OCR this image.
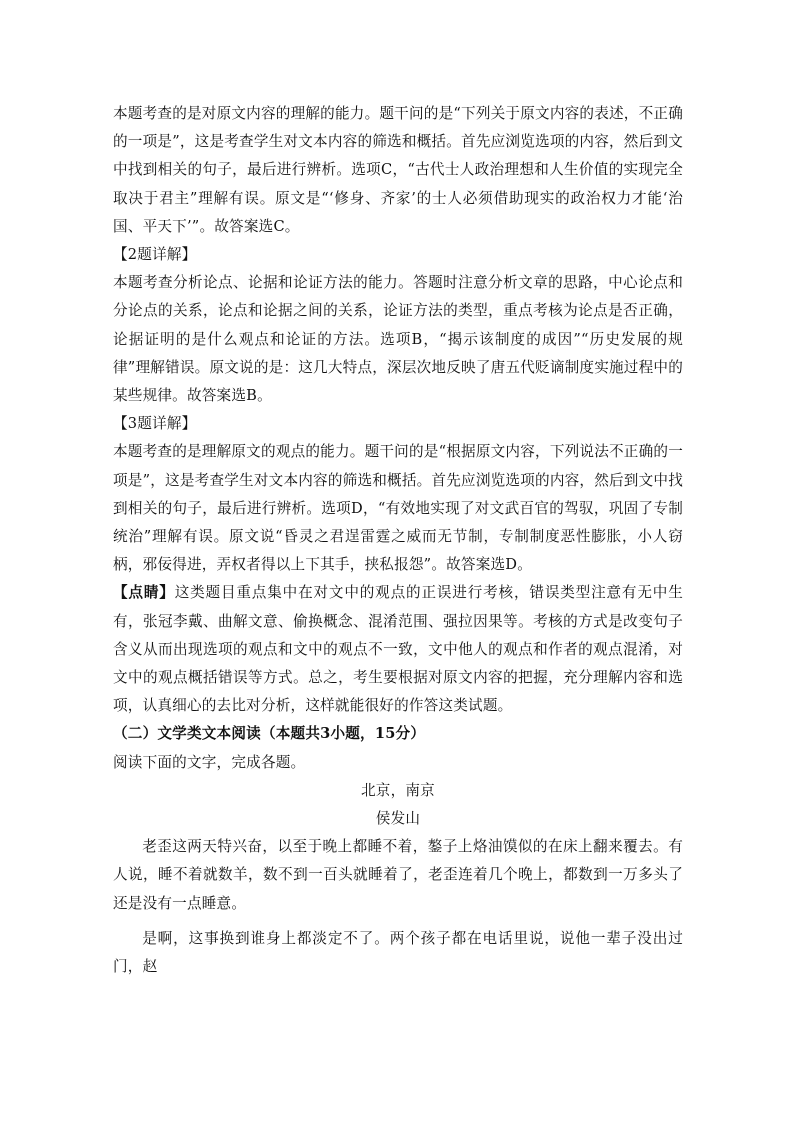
本题考查的是对原文内容的理解的能力。题干问的是“下列关于原文内容的表述，不正确的一项是”，这是考查学生对文本内容的筛选和概括。首先应浏览选项的内容，然后到文中找到相关的句子，最后进行辨析。选项C，“古代士人政治理想和人生价值的实现完全取决于君主”理解有误。原文是“‘修身、齐家’的士人必须借助现实的政治权力才能‘治国、平天下’”。故答案选C。

【2题详解】

本题考查分析论点、论据和论证方法的能力。答题时注意分析文章的思路，中心论点和分论点的关系，论点和论据之间的关系，论证方法的类型，重点考核为论点是否正确，论据证明的是什么观点和论证的方法。选项B，“揭示该制度的成因”“历史发展的规律”理解错误。原文说的是：这几大特点，深层次地反映了唐五代贬谪制度实施过程中的某些规律。故答案选B。

【3题详解】

本题考查的是理解原文的观点的能力。题干问的是“根据原文内容，下列说法不正确的一项是”，这是考查学生对文本内容的筛选和概括。首先应浏览选项的内容，然后到文中找到相关的句子，最后进行辨析。选项D，“有效地实现了对文武百官的驾驭，巩固了专制统治”理解有误。原文说“昏灵之君逞雷霆之威而无节制，专制制度恶性膨胀，小人窃柄，邪佞得进，弄权者得以上下其手，挟私报怨”。故答案选D。

【点睛】这类题目重点集中在对文中的观点的正误进行考核，错误类型注意有无中生有，张冠李戴、曲解文意、偷换概念、混淆范围、强拉因果等。考核的方式是改变句子含义从而出现选项的观点和文中的观点不一致，文中他人的观点和作者的观点混淆，对文中的观点概括错误等方式。总之，考生要根据对原文内容的把握，充分理解内容和选项，认真细心的去比对分析，这样就能很好的作答这类试题。

（二）文学类文本阅读（本题共3小题，15分）

阅读下面的文字，完成各题。

北京，南京

侯发山

老歪这两天特兴奋，以至于晚上都睡不着，鏊子上烙油馍似的在床上翻来覆去。有人说，睡不着就数羊，数不到一百头就睡着了，老歪连着几个晚上，都数到一万多头了还是没有一点睡意。

是啊，这事换到谁身上都淡定不了。两个孩子都在电话里说，说他一辈子没出过门，赵
